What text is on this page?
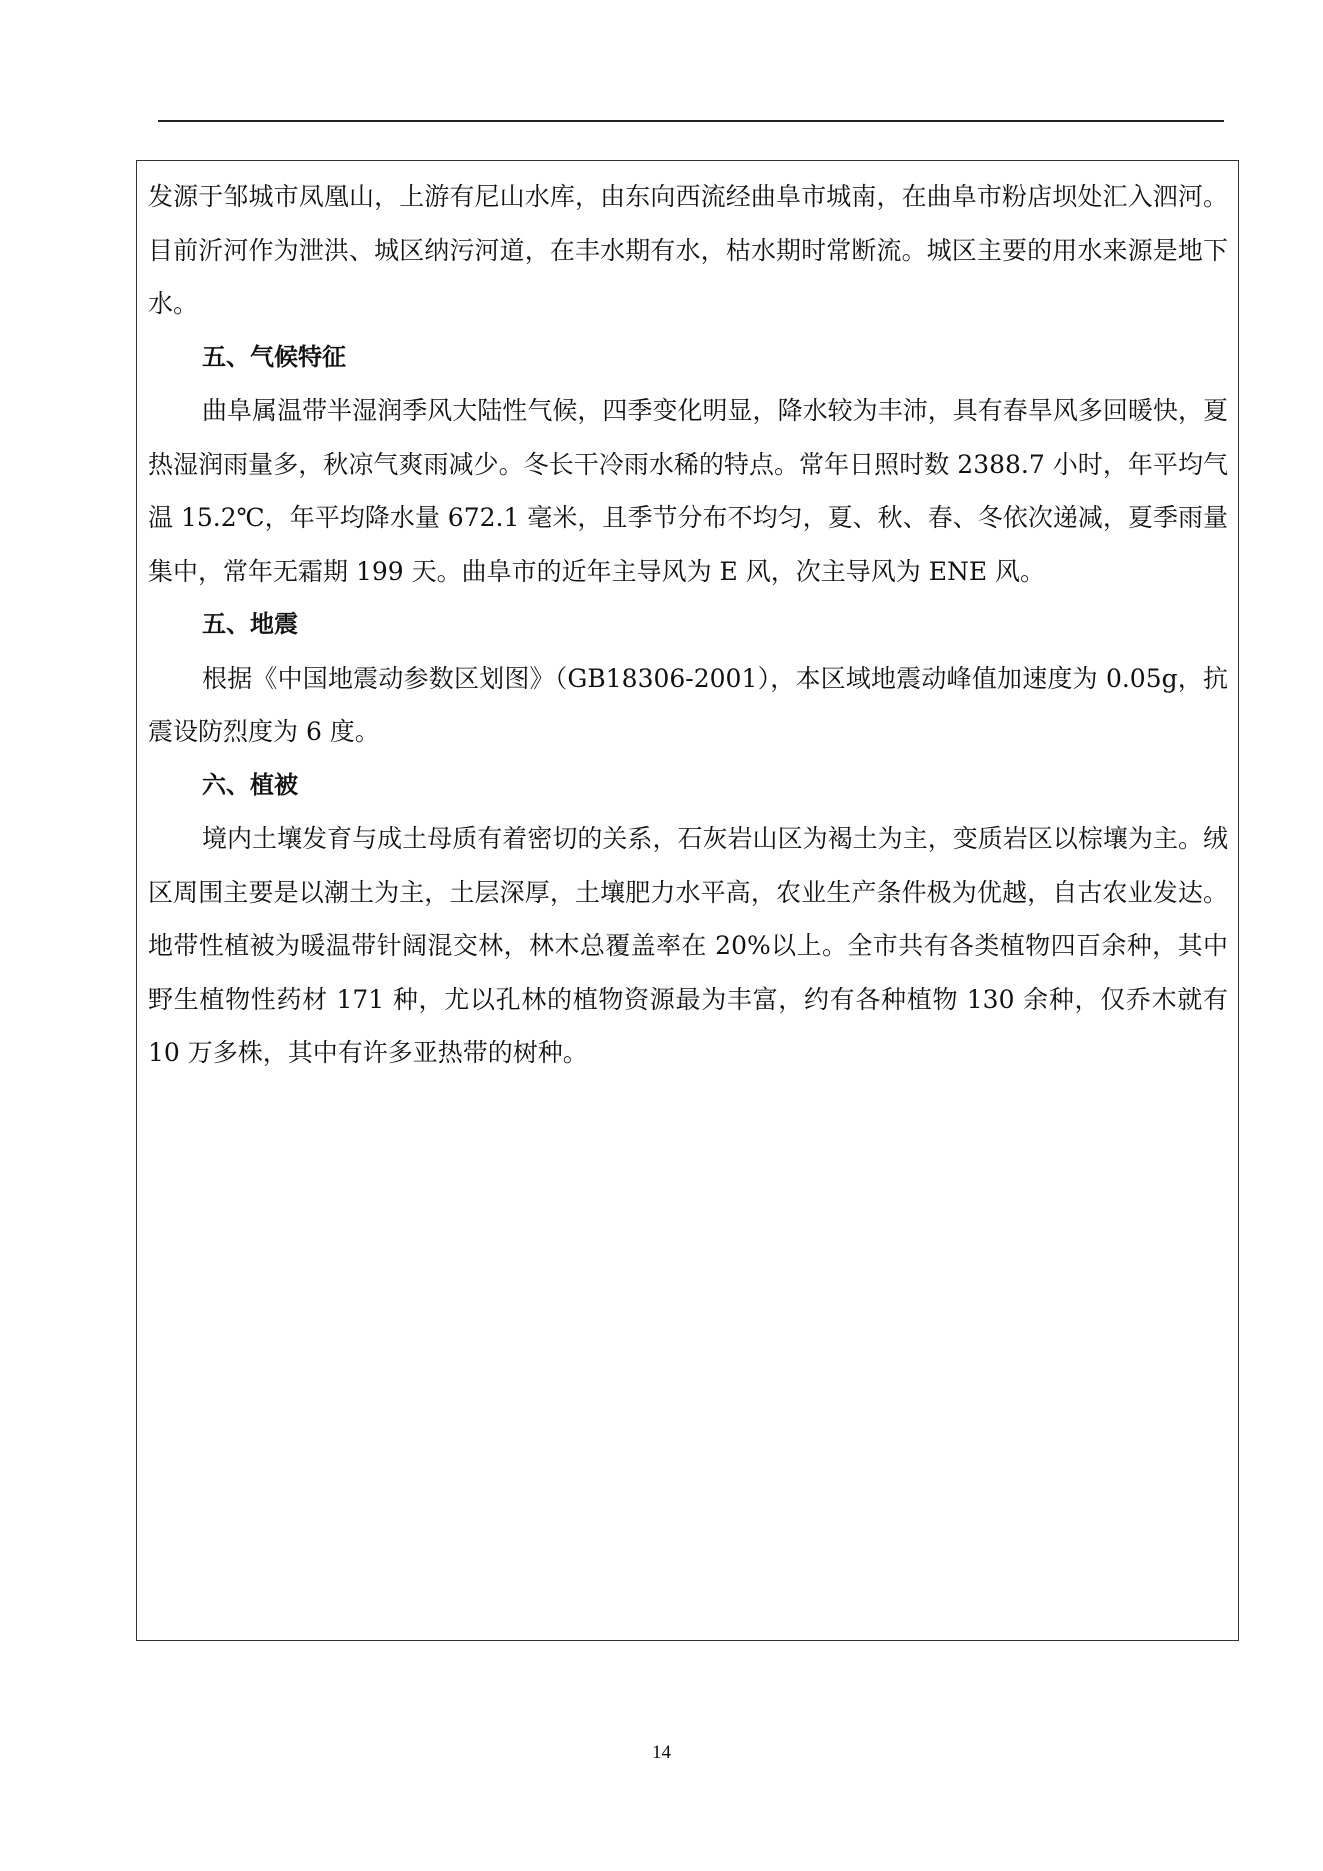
发源于邹城市凤凰山，上游有尼山水库，由东向西流经曲阜市城南，在曲阜市粉店坝处汇入泗河。目前沂河作为泄洪、城区纳污河道，在丰水期有水，枯水期时常断流。城区主要的用水来源是地下水。

五、气候特征

曲阜属温带半湿润季风大陆性气候，四季变化明显，降水较为丰沛，具有春旱风多回暖快，夏热湿润雨量多，秋凉气爽雨减少。冬长干冷雨水稀的特点。常年日照时数 2388.7 小时，年平均气温 15.2℃，年平均降水量 672.1 毫米，且季节分布不均匀，夏、秋、春、冬依次递减，夏季雨量集中，常年无霜期 199 天。曲阜市的近年主导风为 E 风，次主导风为 ENE 风。

五、地震

根据《中国地震动参数区划图》（GB18306-2001），本区域地震动峰值加速度为 0.05g，抗震设防烈度为 6 度。

六、植被

境内土壤发育与成土母质有着密切的关系，石灰岩山区为褐土为主，变质岩区以棕壤为主。绒区周围主要是以潮土为主，土层深厚，土壤肥力水平高，农业生产条件极为优越，自古农业发达。地带性植被为暖温带针阔混交林，林木总覆盖率在 20%以上。全市共有各类植物四百余种，其中野生植物性药材 171 种，尤以孔林的植物资源最为丰富，约有各种植物 130 余种，仅乔木就有 10 万多株，其中有许多亚热带的树种。

14
